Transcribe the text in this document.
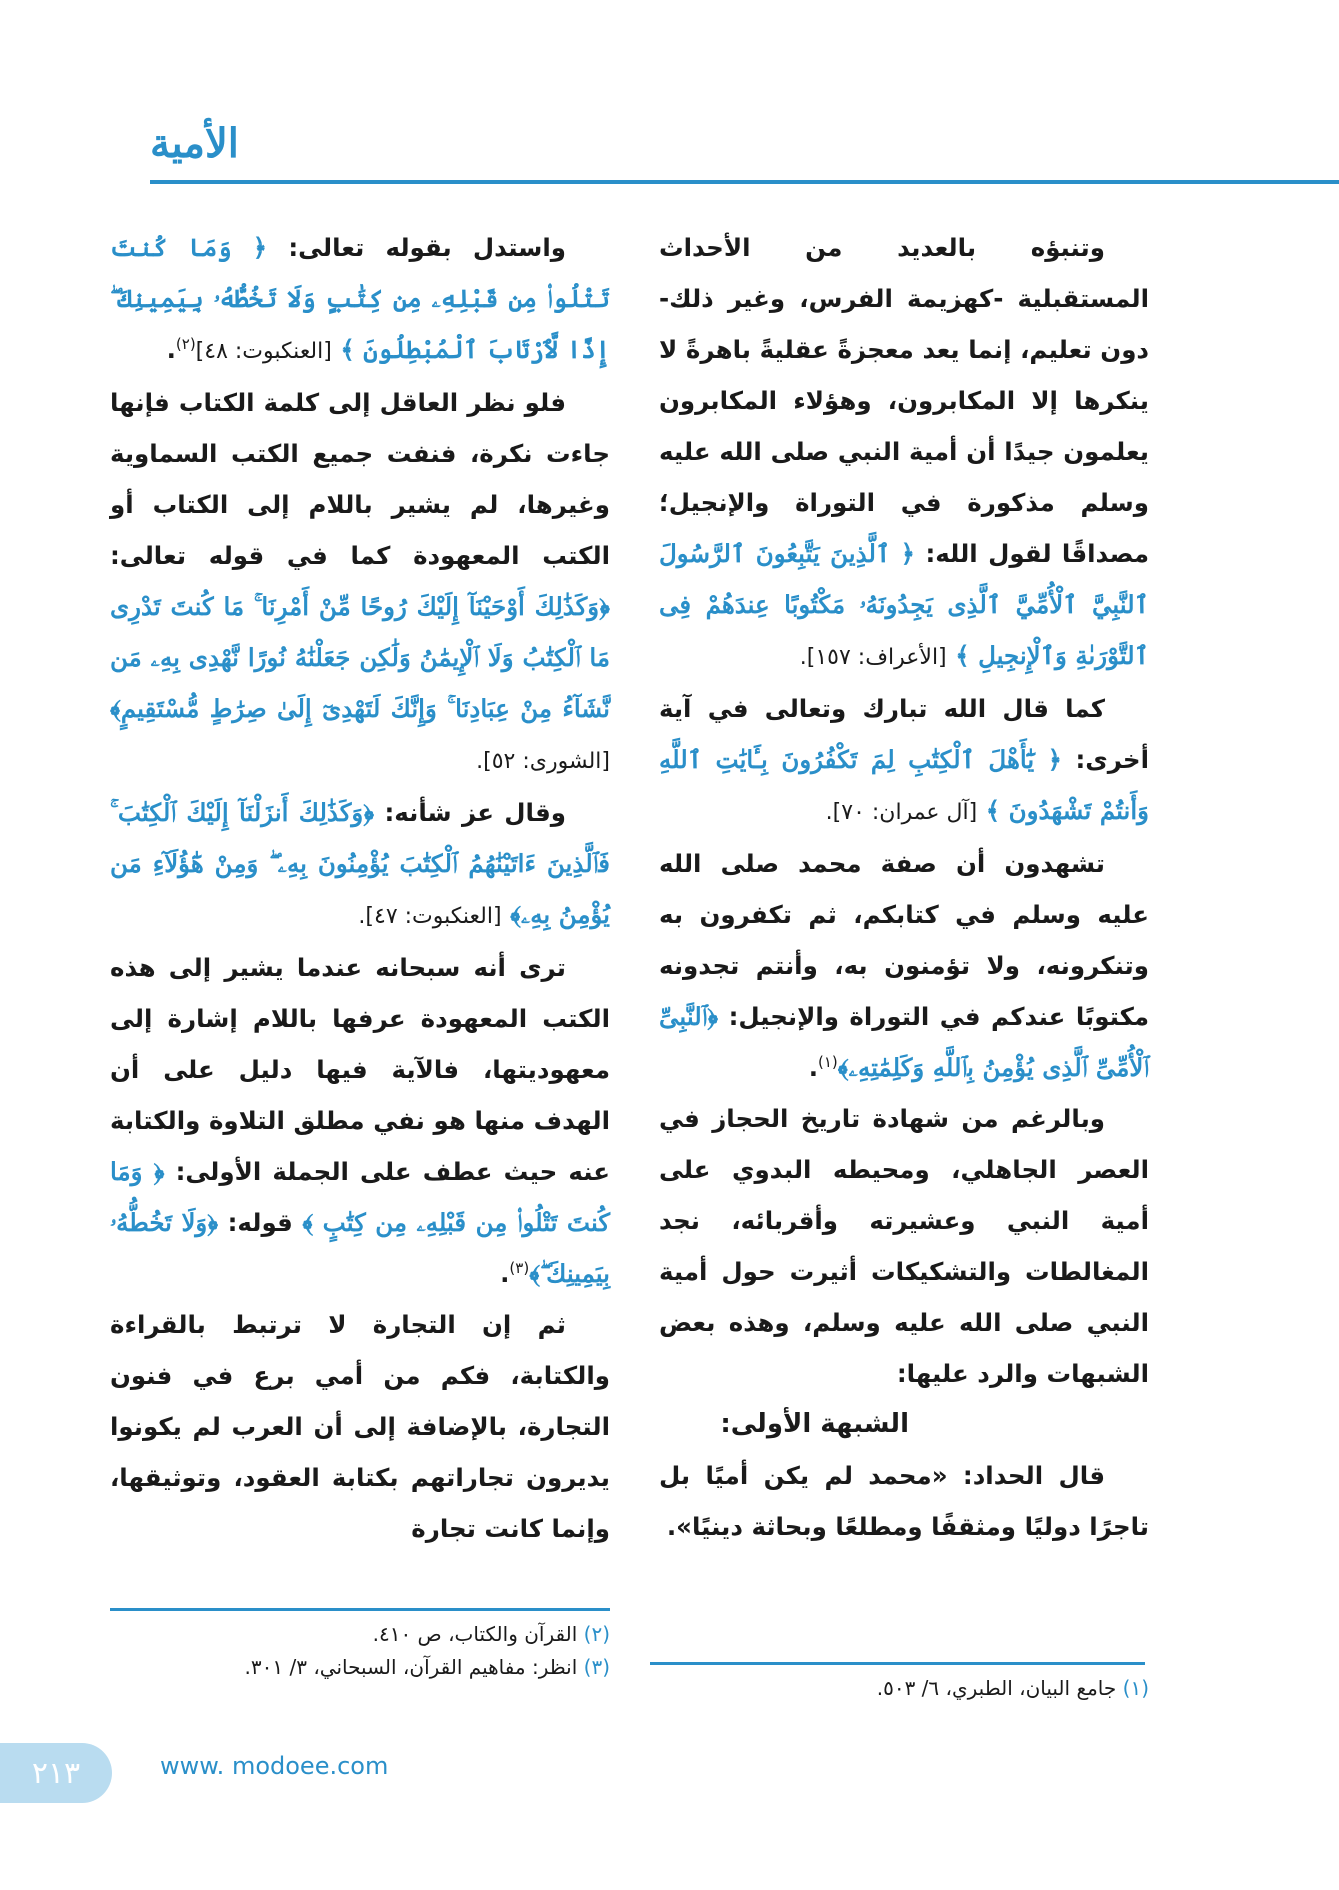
الأمية

وتنبؤه بالعديد من الأحداث المستقبلية -كهزيمة الفرس، وغير ذلك- دون تعليم، إنما يعد معجزةً عقليةً باهرةً لا ينكرها إلا المكابرون، وهؤلاء المكابرون يعلمون جيدًا أن أمية النبي صلى الله عليه وسلم مذكورة في التوراة والإنجيل؛ مصداقًا لقول الله: ﴿ ٱلَّذِينَ يَتَّبِعُونَ ٱلرَّسُولَ ٱلنَّبِيَّ ٱلْأُمِّيَّ ٱلَّذِى يَجِدُونَهُۥ مَكْتُوبًا عِندَهُمْ فِى ٱلتَّوْرَىٰةِ وَٱلْإِنجِيلِ ﴾ [الأعراف: ١٥٧].

كما قال الله تبارك وتعالى في آية أخرى: ﴿ يَٰٓأَهْلَ ٱلْكِتَٰبِ لِمَ تَكْفُرُونَ بِـَٔايَٰتِ ٱللَّهِ وَأَنتُمْ تَشْهَدُونَ ﴾ [آل عمران: ٧٠].

تشهدون أن صفة محمد صلى الله عليه وسلم في كتابكم، ثم تكفرون به وتنكرونه، ولا تؤمنون به، وأنتم تجدونه مكتوبًا عندكم في التوراة والإنجيل: ﴿ٱلنَّبِىِّ ٱلْأُمِّىِّ ٱلَّذِى يُؤْمِنُ بِٱللَّهِ وَكَلِمَٰتِهِۦ﴾$^{(١)}$.

وبالرغم من شهادة تاريخ الحجاز في العصر الجاهلي، ومحيطه البدوي على أمية النبي وعشيرته وأقربائه، نجد المغالطات والتشكيكات أثيرت حول أمية النبي صلى الله عليه وسلم، وهذه بعض الشبهات والرد عليها:

الشبهة الأولى:

قال الحداد: «محمد لم يكن أميًا بل تاجرًا دوليًا ومثقفًا ومطلعًا وبحاثة دينيًا».

واستدل بقوله تعالى: ﴿ وَمَا كُنتَ تَتْلُوا۟ مِن قَبْلِهِۦ مِن كِتَٰبٍ وَلَا تَخُطُّهُۥ بِيَمِينِكَ ۖ إِذًا لَّٱرْتَابَ ٱلْمُبْطِلُونَ ﴾ [العنكبوت: ٤٨]$^{(٢)}$.

فلو نظر العاقل إلى كلمة الكتاب فإنها جاءت نكرة، فنفت جميع الكتب السماوية وغيرها، لم يشير باللام إلى الكتاب أو الكتب المعهودة كما في قوله تعالى: ﴿وَكَذَٰلِكَ أَوْحَيْنَآ إِلَيْكَ رُوحًا مِّنْ أَمْرِنَا ۚ مَا كُنتَ تَدْرِى مَا ٱلْكِتَٰبُ وَلَا ٱلْإِيمَٰنُ وَلَٰكِن جَعَلْنَٰهُ نُورًا نَّهْدِى بِهِۦ مَن نَّشَآءُ مِنْ عِبَادِنَا ۚ وَإِنَّكَ لَتَهْدِىٓ إِلَىٰ صِرَٰطٍ مُّسْتَقِيمٍ﴾ [الشورى: ٥٢].

وقال عز شأنه: ﴿وَكَذَٰلِكَ أَنزَلْنَآ إِلَيْكَ ٱلْكِتَٰبَ ۚ فَٱلَّذِينَ ءَاتَيْنَٰهُمُ ٱلْكِتَٰبَ يُؤْمِنُونَ بِهِۦ ۖ وَمِنْ هَٰٓؤُلَآءِ مَن يُؤْمِنُ بِهِۦ﴾ [العنكبوت: ٤٧].

ترى أنه سبحانه عندما يشير إلى هذه الكتب المعهودة عرفها باللام إشارة إلى معهوديتها، فالآية فيها دليل على أن الهدف منها هو نفي مطلق التلاوة والكتابة عنه حيث عطف على الجملة الأولى: ﴿ وَمَا كُنتَ تَتْلُوا۟ مِن قَبْلِهِۦ مِن كِتَٰبٍ ﴾ قوله: ﴿وَلَا تَخُطُّهُۥ بِيَمِينِكَ ۖ﴾$^{(٣)}$.

ثم إن التجارة لا ترتبط بالقراءة والكتابة، فكم من أمي برع في فنون التجارة، بالإضافة إلى أن العرب لم يكونوا يديرون تجاراتهم بكتابة العقود، وتوثيقها، وإنما كانت تجارة

(١) جامع البيان، الطبري، ٦/ ٥٠٣.
(٢) القرآن والكتاب، ص ٤١٠.
(٣) انظر: مفاهيم القرآن، السبحاني، ٣/ ٣٠١.
٢١٣	www. modoee.com
